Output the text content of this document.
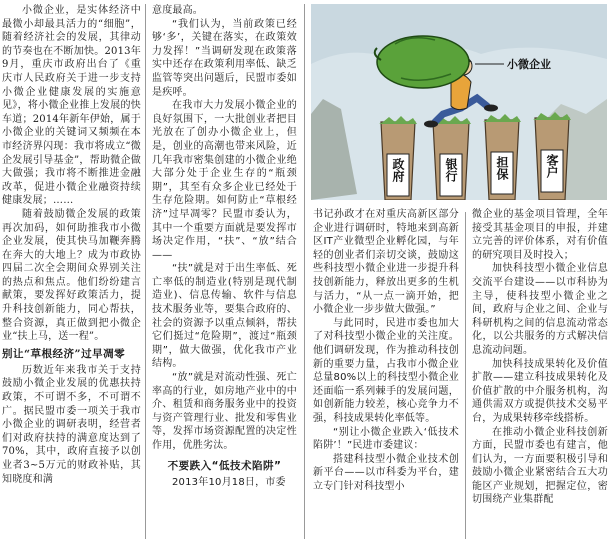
小微企业，是实体经济中最微小却最具活力的“细胞”，随着经济社会的发展，其律动的节奏也在不断加快。2013年9月，重庆市政府出台了《重庆市人民政府关于进一步支持小微企业健康发展的实施意见》，将小微企业推上发展的快车道；2014年新年伊始，属于小微企业的关键词又频频在本市经济界闪现：我市将成立“微企发展引导基金”，帮助微企做大做强；我市将不断推进金融改革，促进小微企业融资持续健康发展；……

随着鼓励微企发展的政策再次加码，如何助推我市小微企业发展，使其快马加鞭奔腾在奔大的大地上？成为市政协四届二次全会期间众界别关注的热点和焦点。他们纷纷建言献策，要发挥好政策活力，提升科技创新能力，同心帮扶，整合资源，真正做到把小微企业“扶上马，送一程”。

别让“草根经济”过早凋零

历数近年来我市关于支持鼓励小微企业发展的优惠扶持政策，不可谓不多，不可谓不广。据民盟市委一项关于我市小微企业的调研表明，经营者们对政府扶持的满意度达到了70%，其中，政府直接予以创业者3~5万元的财政补贴，其知晓度和满

意度最高。

“我们认为，当前政策已经够‘多’，关键在落实，在政策效力发挥！”当调研发现在政策落实中还存在政策利用率低、缺乏监管等突出问题后，民盟市委如是疾呼。

在我市大力发展小微企业的良好氛围下，一大批创业者把目光放在了创办小微企业上，但是，创业的高潮也带来风险，近几年我市密集创建的小微企业绝大部分处于企业生存的“瓶颈期”，其至有众多企业已经处于生存危险期。如何防止“草根经济”过早凋零？民盟市委认为，其中一个重要方面就是要发挥市场决定作用，“扶”、“放”结合——

“扶”就是对于出生率低、死亡率低的制造业(特别是现代制造业)、信息传输、软件与信息技术服务业等，要集合政府的、社会的资源予以重点倾斜，帮扶它们挺过“危险期”，渡过“瓶颈期”，做大做强，优化我市产业结构。

“放”就是对流动性强、死亡率高的行业，如房地产业中的中介、租赁和商务服务业中的投资与资产管理行业、批发和零售业等，发挥市场资源配置的决定性作用，优胜劣汰。

不要跌入“低技术陷阱”

2013年10月18日，市委

政府	银行	担保	客户
小微企业

书记孙政才在对重庆高新区部分企业进行调研时，特地来到高新区IT产业微型企业孵化园，与年轻的创业者们亲切交谈，鼓励这些科技型小微企业进一步提升科技创新能力，释放出更多的生机与活力，“从一点一滴开始，把小微企业一步步做大做强。”

与此同时，民进市委也加大了对科技型小微企业的关注度。他们调研发现，作为推动科技创新的重要力量，占我市小微企业总量80%以上的科技型小微企业还面临一系列棘手的发展问题，如创新能力较差，核心竞争力不强，科技成果转化率低等。

“别让小微企业跌入‘低技术陷阱’！”民进市委建议：

搭建科技型小微企业技术创新平台——以市科委为平台，建立专门针对科技型小

微企业的基金项目管理，全年接受其基金项目的申报，并建立完善的评价体系，对有价值的研究项目及时投入；

加快科技型小微企业信息交流平台建设——以市科协为主导，使科技型小微企业之间，政府与企业之间、企业与科研机构之间的信息流动常态化，以公共服务的方式解决信息流动问题。

加快科技成果转化及价值扩散——建立科技成果转化及价值扩散的中介服务机构，沟通供需双方或提供技术交易平台，为成果转移牵线搭桥。

在推动小微企业科技创新方面，民盟市委也有建言，他们认为，一方面要积极引导和鼓励小微企业紧密结合五大功能区产业规划，把握定位，密切围绕产业集群配
